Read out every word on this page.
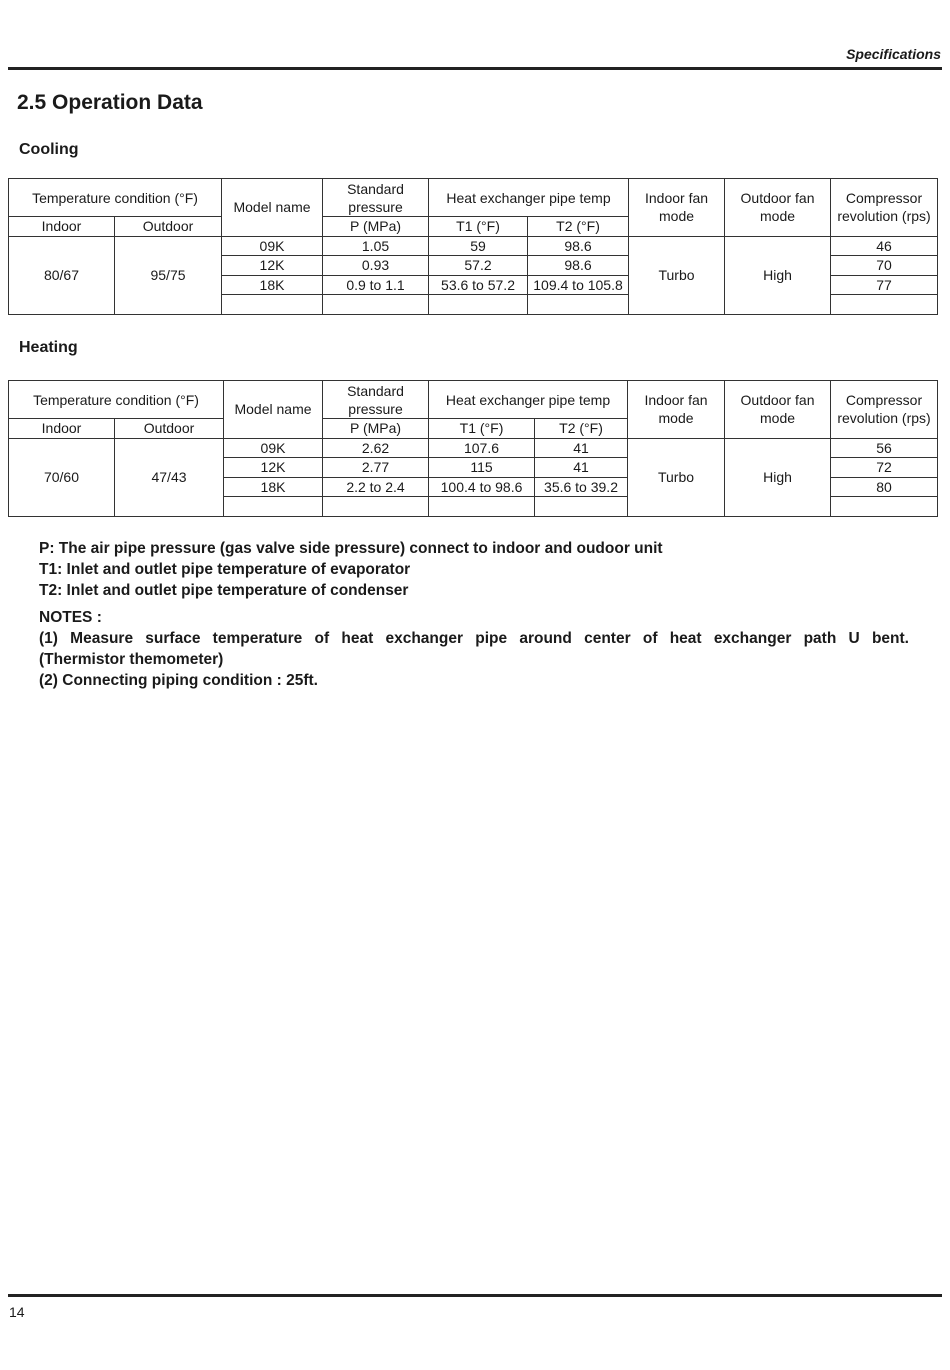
Specifications
2.5 Operation Data
Cooling
Temperature condition (°F)		Model name	Standard pressure	Heat exchanger pipe temp		Indoor fan mode	Outdoor fan mode	Compressor revolution (rps)
Indoor	Outdoor		P (MPa)	T1 (°F)	T2 (°F)			
80/67	95/75	09K	1.05	59	98.6	Turbo	High	46
		12K	0.93	57.2	98.6			70
		18K	0.9 to 1.1	53.6 to 57.2	109.4 to 105.8			77

Heating
Temperature condition (°F)		Model name	Standard pressure	Heat exchanger pipe temp		Indoor fan mode	Outdoor fan mode	Compressor revolution (rps)
Indoor	Outdoor		P (MPa)	T1 (°F)	T2 (°F)			
70/60	47/43	09K	2.62	107.6	41	Turbo	High	56
		12K	2.77	115	41			72
		18K	2.2 to 2.4	100.4 to 98.6	35.6 to 39.2			80

P: The air pipe pressure (gas valve side pressure) connect to indoor and oudoor unit

T1: Inlet and outlet pipe temperature of evaporator

T2: Inlet and outlet pipe temperature of condenser

NOTES :

(1) Measure surface temperature of heat exchanger pipe around center of heat exchanger path U bent.

(Thermistor themometer)

(2) Connecting piping condition : 25ft.

14
